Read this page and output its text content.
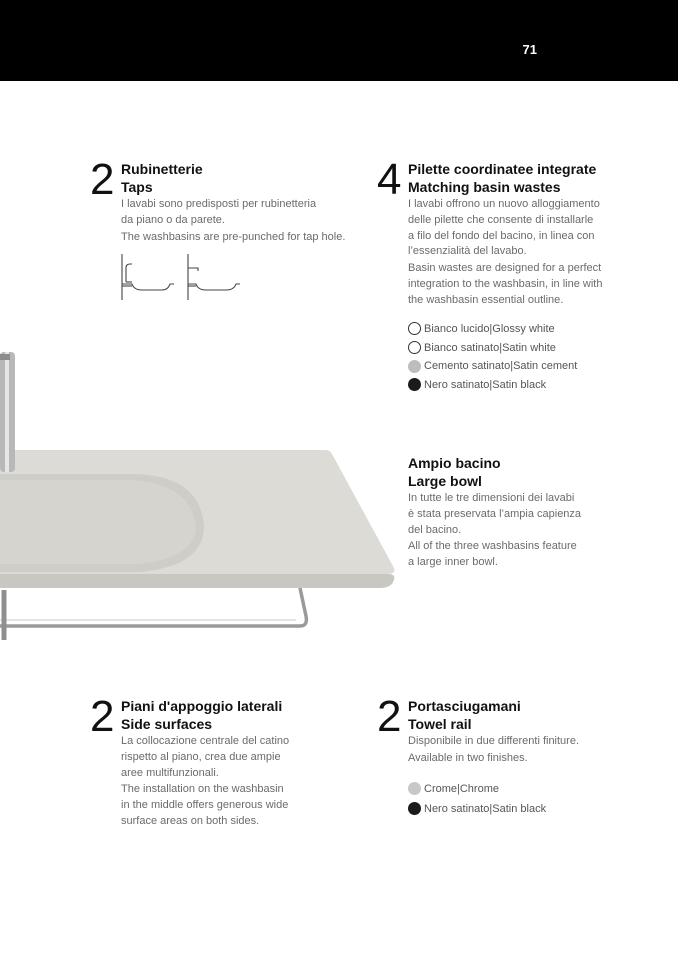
71
2 Rubinetterie
Taps
I lavabi sono predisposti per rubinetteria
da piano o da parete.
The washbasins are pre-punched for tap hole.
4 Pilette coordinatee integrate
Matching basin wastes
I lavabi offrono un nuovo alloggiamento
delle pilette che consente di installarle
a filo del fondo del bacino, in linea con
l’essenzialità del lavabo.
Basin wastes are designed for a perfect
integration to the washbasin, in line with
the washbasin essential outline.
Bianco lucido|Glossy white
Bianco satinato|Satin white
Cemento satinato|Satin cement
Nero satinato|Satin black
Ampio bacino
Large bowl
In tutte le tre dimensioni dei lavabi
è stata preservata l’ampia capienza
del bacino.
All of the three washbasins feature
a large inner bowl.
2 Piani d'appoggio laterali
Side surfaces
La collocazione centrale del catino
rispetto al piano, crea due ampie
aree multifunzionali.
The installation on the washbasin
in the middle offers generous wide
surface areas on both sides.
2 Portasciugamani
Towel rail
Disponibile in due differenti finiture.
Available in two finishes.
Crome|Chrome
Nero satinato|Satin black
